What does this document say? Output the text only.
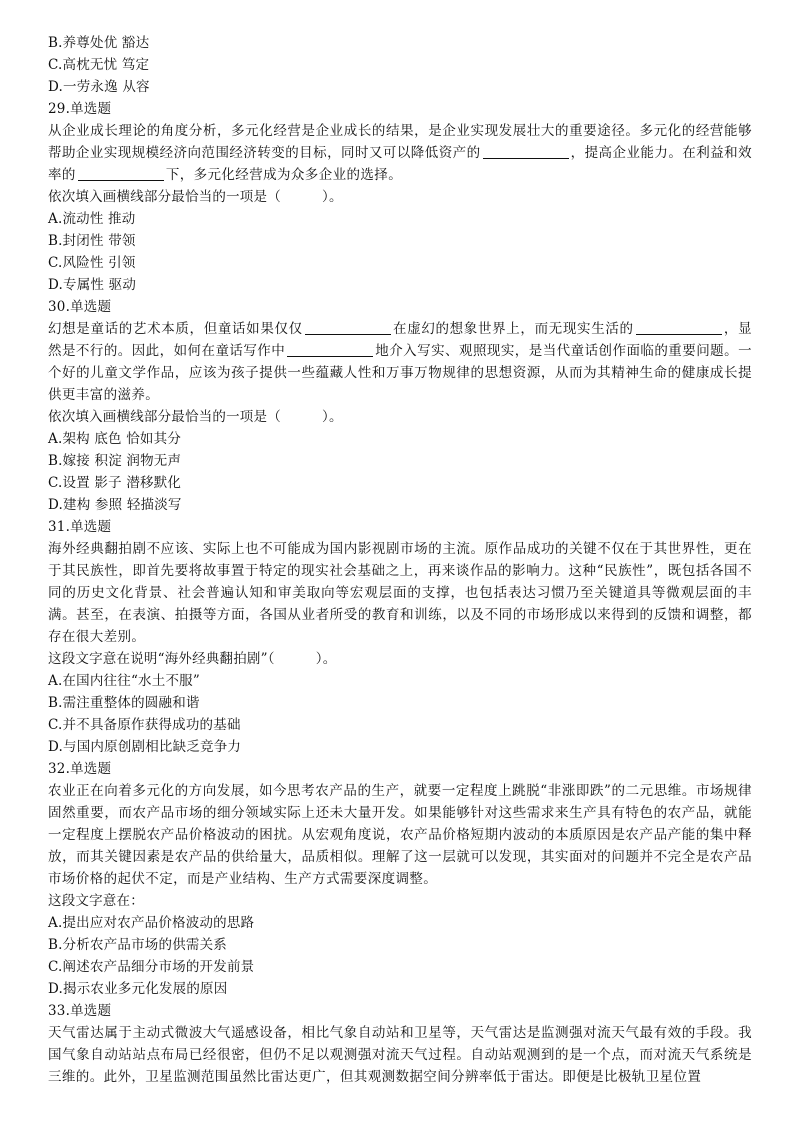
B.养尊处优 豁达
C.高枕无忧 笃定
D.一劳永逸 从容
29.单选题
从企业成长理论的角度分析，多元化经营是企业成长的结果，是企业实现发展壮大的重要途径。多元化的经营能够帮助企业实现规模经济向范围经济转变的目标，同时又可以降低资产的	，提高企业能力。在利益和效率的	下，多元化经营成为众多企业的选择。
依次填入画横线部分最恰当的一项是（　　　）。
A.流动性 推动
B.封闭性 带领
C.风险性 引领
D.专属性 驱动
30.单选题
幻想是童话的艺术本质，但童话如果仅仅	在虚幻的想象世界上，而无现实生活的	，显然是不行的。因此，如何在童话写作中	地介入写实、观照现实，是当代童话创作面临的重要问题。一个好的儿童文学作品，应该为孩子提供一些蕴藏人性和万事万物规律的思想资源，从而为其精神生命的健康成长提供更丰富的滋养。
依次填入画横线部分最恰当的一项是（　　　）。
A.架构 底色 恰如其分
B.嫁接 积淀 润物无声
C.设置 影子 潜移默化
D.建构 参照 轻描淡写
31.单选题
海外经典翻拍剧不应该、实际上也不可能成为国内影视剧市场的主流。原作品成功的关键不仅在于其世界性，更在于其民族性，即首先要将故事置于特定的现实社会基础之上，再来谈作品的影响力。这种“民族性”，既包括各国不同的历史文化背景、社会普遍认知和审美取向等宏观层面的支撑，也包括表达习惯乃至关键道具等微观层面的丰满。甚至，在表演、拍摄等方面，各国从业者所受的教育和训练，以及不同的市场形成以来得到的反馈和调整，都存在很大差别。
这段文字意在说明“海外经典翻拍剧”（　　　）。
A.在国内往往“水土不服”
B.需注重整体的圆融和谐
C.并不具备原作获得成功的基础
D.与国内原创剧相比缺乏竞争力
32.单选题
农业正在向着多元化的方向发展，如今思考农产品的生产，就要一定程度上跳脱“非涨即跌”的二元思维。市场规律固然重要，而农产品市场的细分领域实际上还未大量开发。如果能够针对这些需求来生产具有特色的农产品，就能一定程度上摆脱农产品价格波动的困扰。从宏观角度说，农产品价格短期内波动的本质原因是农产品产能的集中释放，而其关键因素是农产品的供给量大，品质相似。理解了这一层就可以发现，其实面对的问题并不完全是农产品市场价格的起伏不定，而是产业结构、生产方式需要深度调整。
这段文字意在：
A.提出应对农产品价格波动的思路
B.分析农产品市场的供需关系
C.阐述农产品细分市场的开发前景
D.揭示农业多元化发展的原因
33.单选题
天气雷达属于主动式微波大气遥感设备，相比气象自动站和卫星等，天气雷达是监测强对流天气最有效的手段。我国气象自动站站点布局已经很密，但仍不足以观测强对流天气过程。自动站观测到的是一个点，而对流天气系统是三维的。此外，卫星监测范围虽然比雷达更广，但其观测数据空间分辨率低于雷达。即便是比极轨卫星位置
